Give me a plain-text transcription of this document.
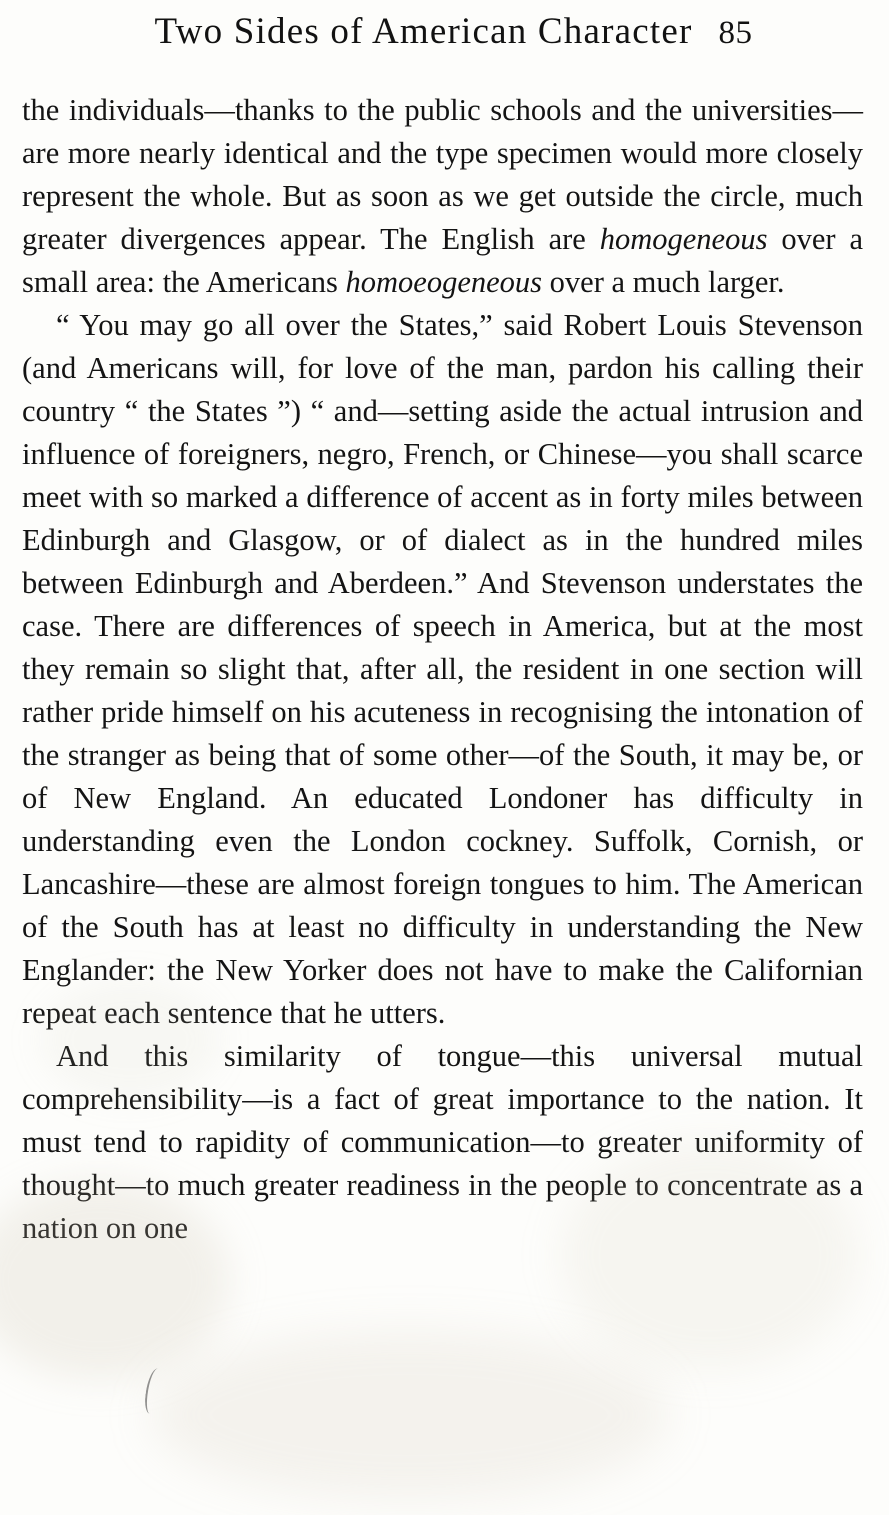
Two Sides of American Character 85

the individuals—thanks to the public schools and the universities—are more nearly identical and the type specimen would more closely represent the whole. But as soon as we get outside the circle, much greater divergences appear. The English are homogeneous over a small area: the Americans homoeogeneous over a much larger.

“ You may go all over the States,” said Robert Louis Stevenson (and Americans will, for love of the man, pardon his calling their country “ the States ”) “ and—setting aside the actual intrusion and influence of foreigners, negro, French, or Chinese—you shall scarce meet with so marked a difference of accent as in forty miles between Edinburgh and Glasgow, or of dialect as in the hundred miles between Edinburgh and Aberdeen.” And Stevenson understates the case. There are differences of speech in America, but at the most they remain so slight that, after all, the resident in one section will rather pride himself on his acuteness in recognising the intonation of the stranger as being that of some other—of the South, it may be, or of New England. An educated Londoner has difficulty in understanding even the London cockney. Suffolk, Cornish, or Lancashire—these are almost foreign tongues to him. The American of the South has at least no difficulty in understanding the New Englander: the New Yorker does not have to make the Californian repeat each sentence that he utters.

And this similarity of tongue—this universal mutual comprehensibility—is a fact of great importance to the nation. It must tend to rapidity of communication—to greater uniformity of thought—to much greater readiness in the people to concentrate as a nation on one
